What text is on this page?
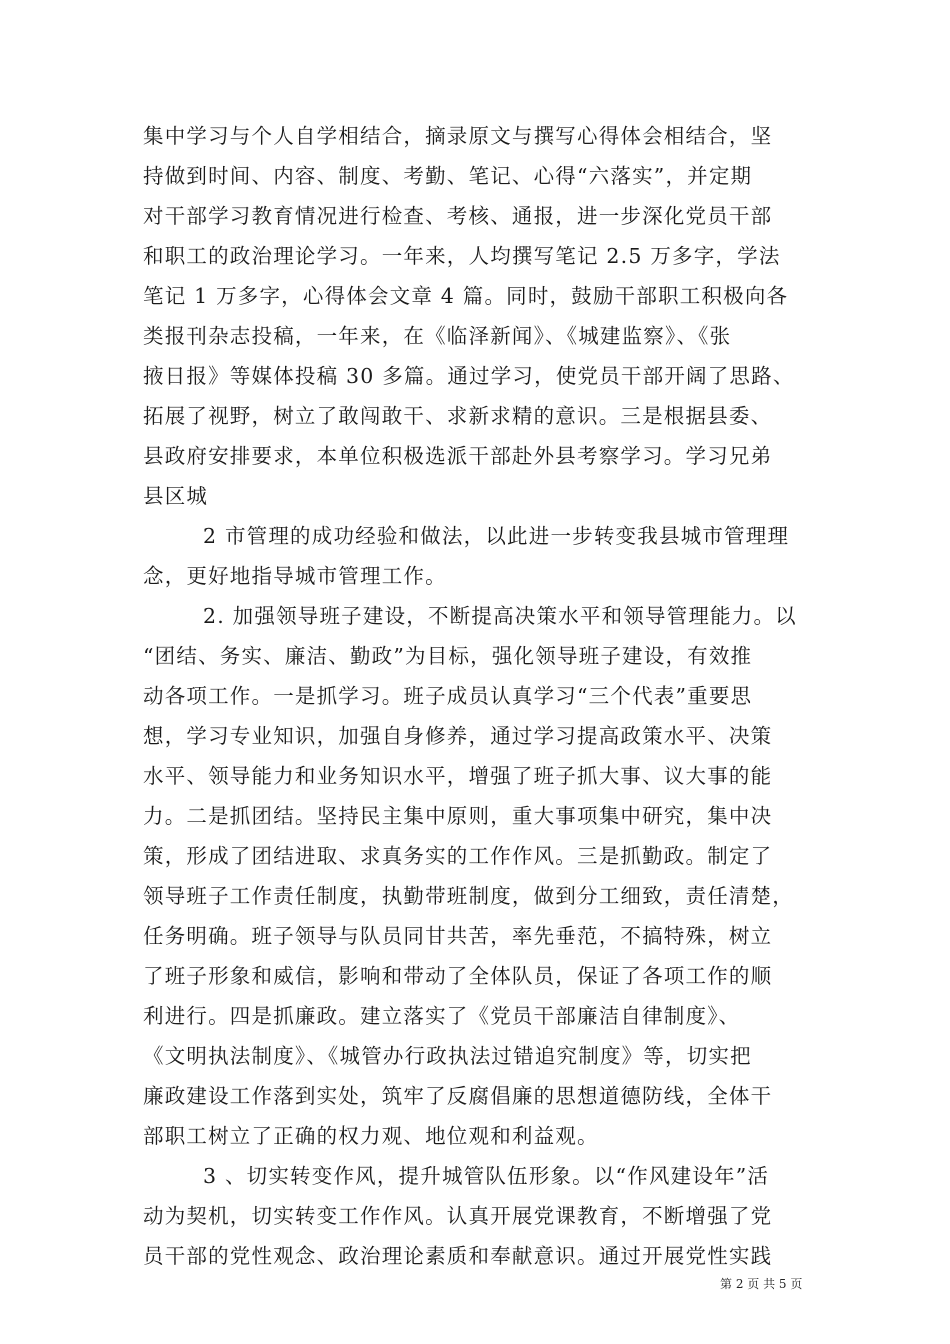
集中学习与个人自学相结合，摘录原文与撰写心得体会相结合，坚
持做到时间、内容、制度、考勤、笔记、心得“六落实”，并定期
对干部学习教育情况进行检查、考核、通报，进一步深化党员干部
和职工的政治理论学习。一年来，人均撰写笔记 2.5 万多字，学法
笔记 1 万多字，心得体会文章 4 篇。同时，鼓励干部职工积极向各
类报刊杂志投稿，一年来，在《临泽新闻》、《城建监察》、《张
掖日报》等媒体投稿 30 多篇。通过学习，使党员干部开阔了思路、
拓展了视野，树立了敢闯敢干、求新求精的意识。三是根据县委、
县政府安排要求，本单位积极选派干部赴外县考察学习。学习兄弟
县区城
2 市管理的成功经验和做法，以此进一步转变我县城市管理理
念，更好地指导城市管理工作。
2. 加强领导班子建设，不断提高决策水平和领导管理能力。以
“团结、务实、廉洁、勤政”为目标，强化领导班子建设，有效推
动各项工作。一是抓学习。班子成员认真学习“三个代表”重要思
想，学习专业知识，加强自身修养，通过学习提高政策水平、决策
水平、领导能力和业务知识水平，增强了班子抓大事、议大事的能
力。二是抓团结。坚持民主集中原则，重大事项集中研究，集中决
策，形成了团结进取、求真务实的工作作风。三是抓勤政。制定了
领导班子工作责任制度，执勤带班制度，做到分工细致，责任清楚，
任务明确。班子领导与队员同甘共苦，率先垂范，不搞特殊，树立
了班子形象和威信，影响和带动了全体队员，保证了各项工作的顺
利进行。四是抓廉政。建立落实了《党员干部廉洁自律制度》、
《文明执法制度》、《城管办行政执法过错追究制度》等，切实把
廉政建设工作落到实处，筑牢了反腐倡廉的思想道德防线，全体干
部职工树立了正确的权力观、地位观和利益观。
3 、切实转变作风，提升城管队伍形象。以“作风建设年”活
动为契机，切实转变工作作风。认真开展党课教育，不断增强了党
员干部的党性观念、政治理论素质和奉献意识。通过开展党性实践
第 2 页 共 5 页
